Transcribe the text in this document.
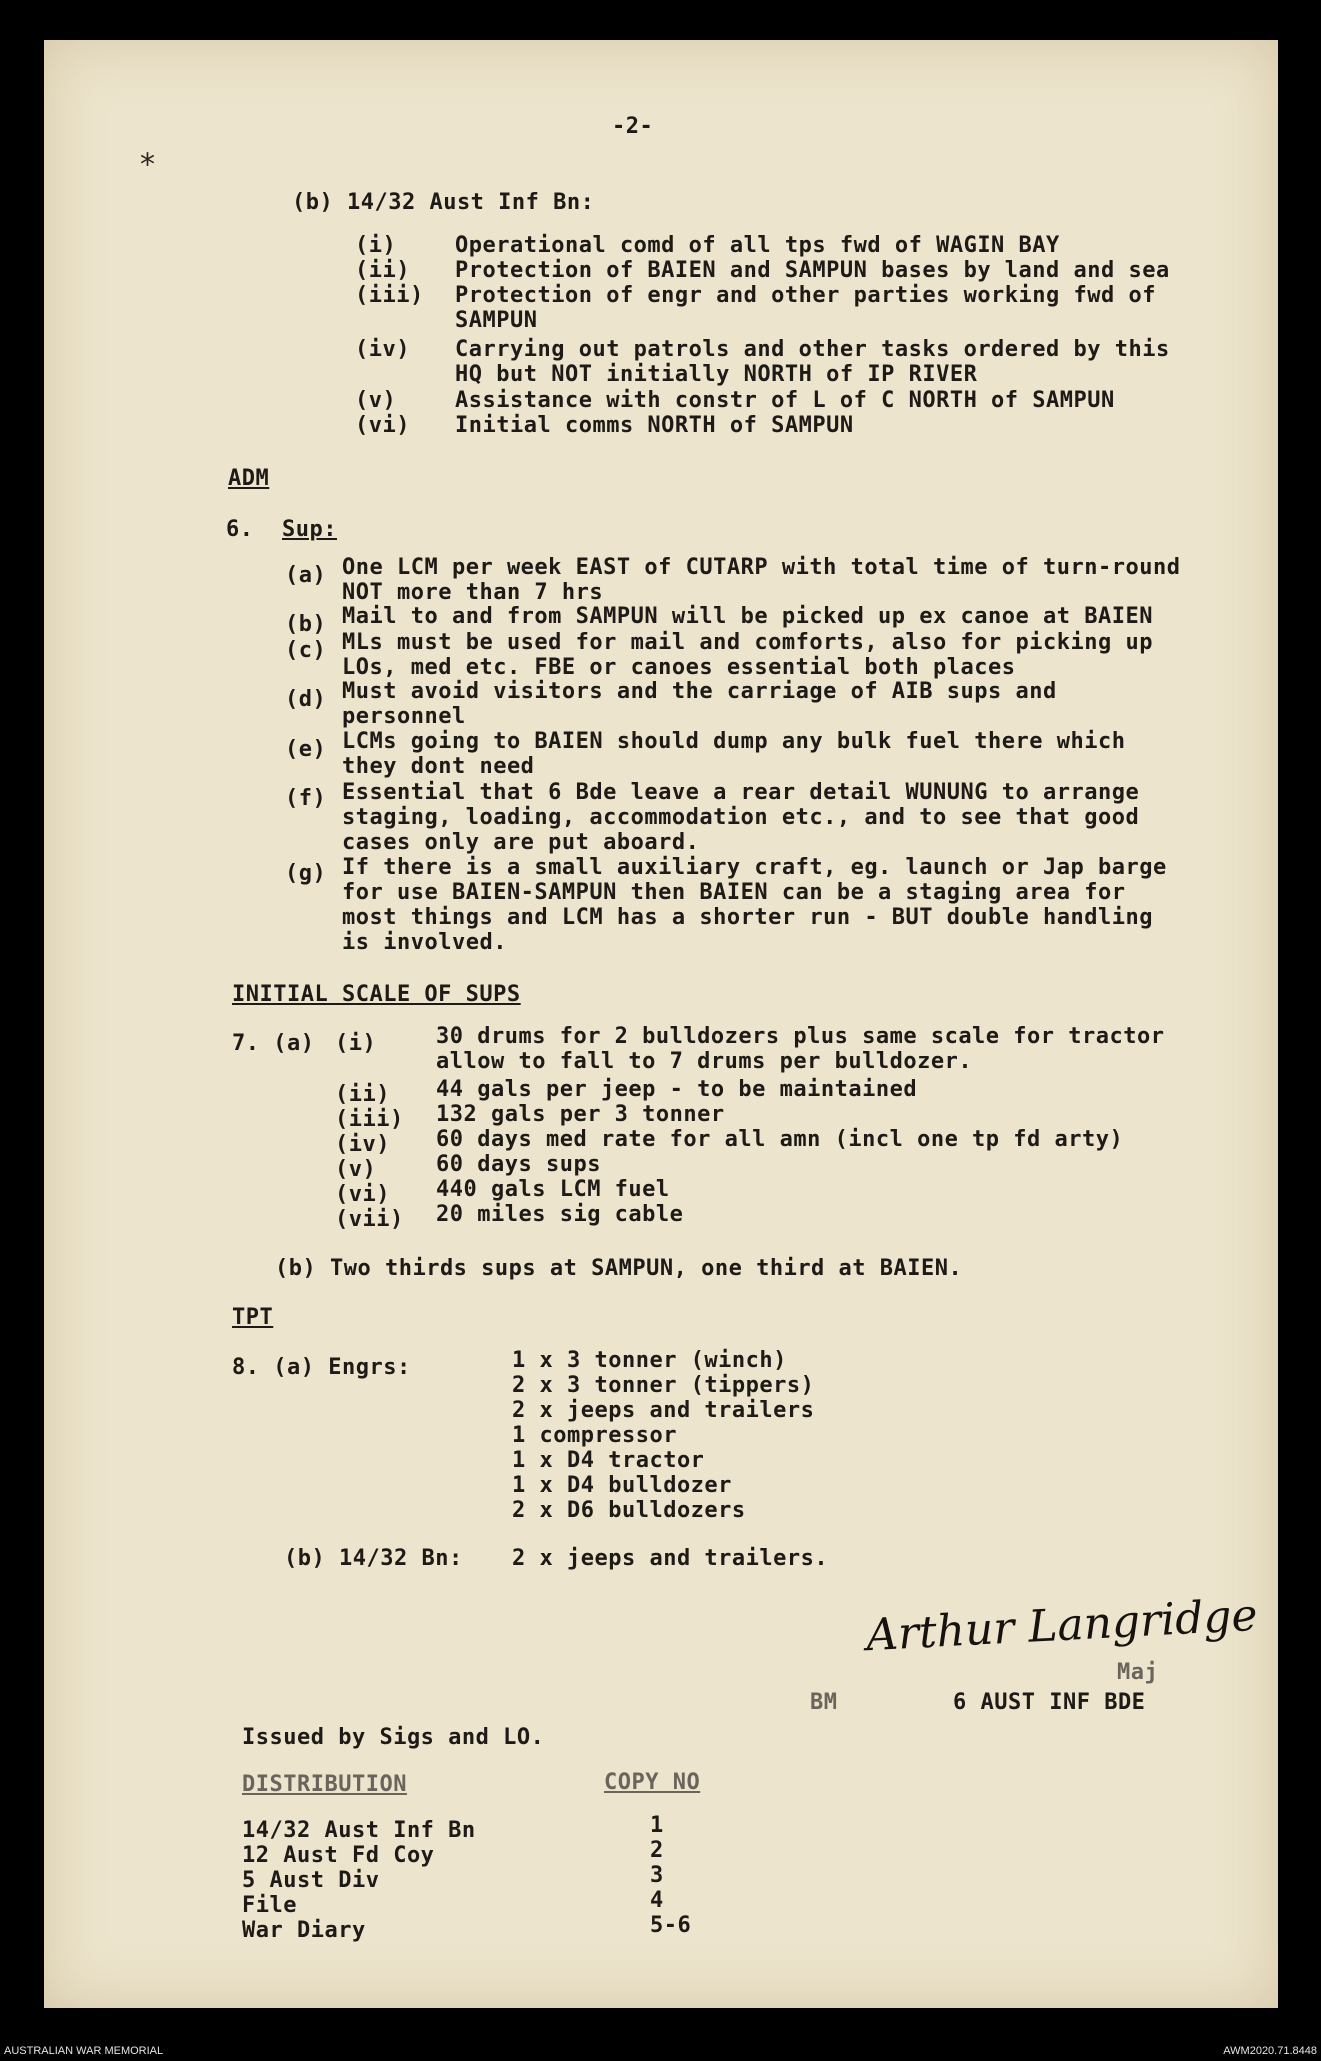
⁎
-2-
(b) 14/32 Aust Inf Bn:
(i)	Operational comd of all tps fwd of WAGIN BAY
(ii) Protection of BAIEN and SAMPUN bases by land and sea
(iii) Protection of engr and other parties working fwd of
SAMPUN
(iv) Carrying out patrols and other tasks ordered by this
HQ but NOT initially NORTH of IP RIVER
(v)	Assistance with constr of L of C NORTH of SAMPUN
(vi) Initial comms NORTH of SAMPUN
ADM
6. Sup:
(a) One LCM per week EAST of CUTARP with total time of turn-round
NOT more than 7 hrs
(b) Mail to and from SAMPUN will be picked up ex canoe at BAIEN
(c) MLs must be used for mail and comforts, also for picking up
LOs, med etc. FBE or canoes essential both places
(d) Must avoid visitors and the carriage of AIB sups and
personnel
(e) LCMs going to BAIEN should dump any bulk fuel there which
they dont need
(f) Essential that 6 Bde leave a rear detail WUNUNG to arrange
staging, loading, accommodation etc., and to see that good
cases only are put aboard.
(g) If there is a small auxiliary craft, eg. launch or Jap barge
for use BAIEN-SAMPUN then BAIEN can be a staging area for
most things and LCM has a shorter run - BUT double handling
is involved.
INITIAL SCALE OF SUPS
7. (a) (i)	30 drums for 2 bulldozers plus same scale for tractor
allow to fall to 7 drums per bulldozer.
(ii) 44 gals per jeep - to be maintained
(iii) 132 gals per 3 tonner
(iv) 60 days med rate for all amn (incl one tp fd arty)
(v)	60 days sups
(vi) 440 gals LCM fuel
(vii) 20 miles sig cable
(b) Two thirds sups at SAMPUN, one third at BAIEN.
TPT
8. (a) Engrs:	1 x 3 tonner (winch)
2 x 3 tonner (tippers)
2 x jeeps and trailers
1 compressor
1 x D4 tractor
1 x D4 bulldozer
2 x D6 bulldozers
(b) 14/32 Bn: 2 x jeeps and trailers.
Arthur Langridge
Maj
BM	6 AUST INF BDE
Issued by Sigs and LO.
DISTRIBUTION	COPY NO
14/32 Aust Inf Bn	1
12 Aust Fd Coy	2
5 Aust Div	3
File	4
War Diary	5-6
AUSTRALIAN WAR MEMORIAL	AWM2020.71.8448
